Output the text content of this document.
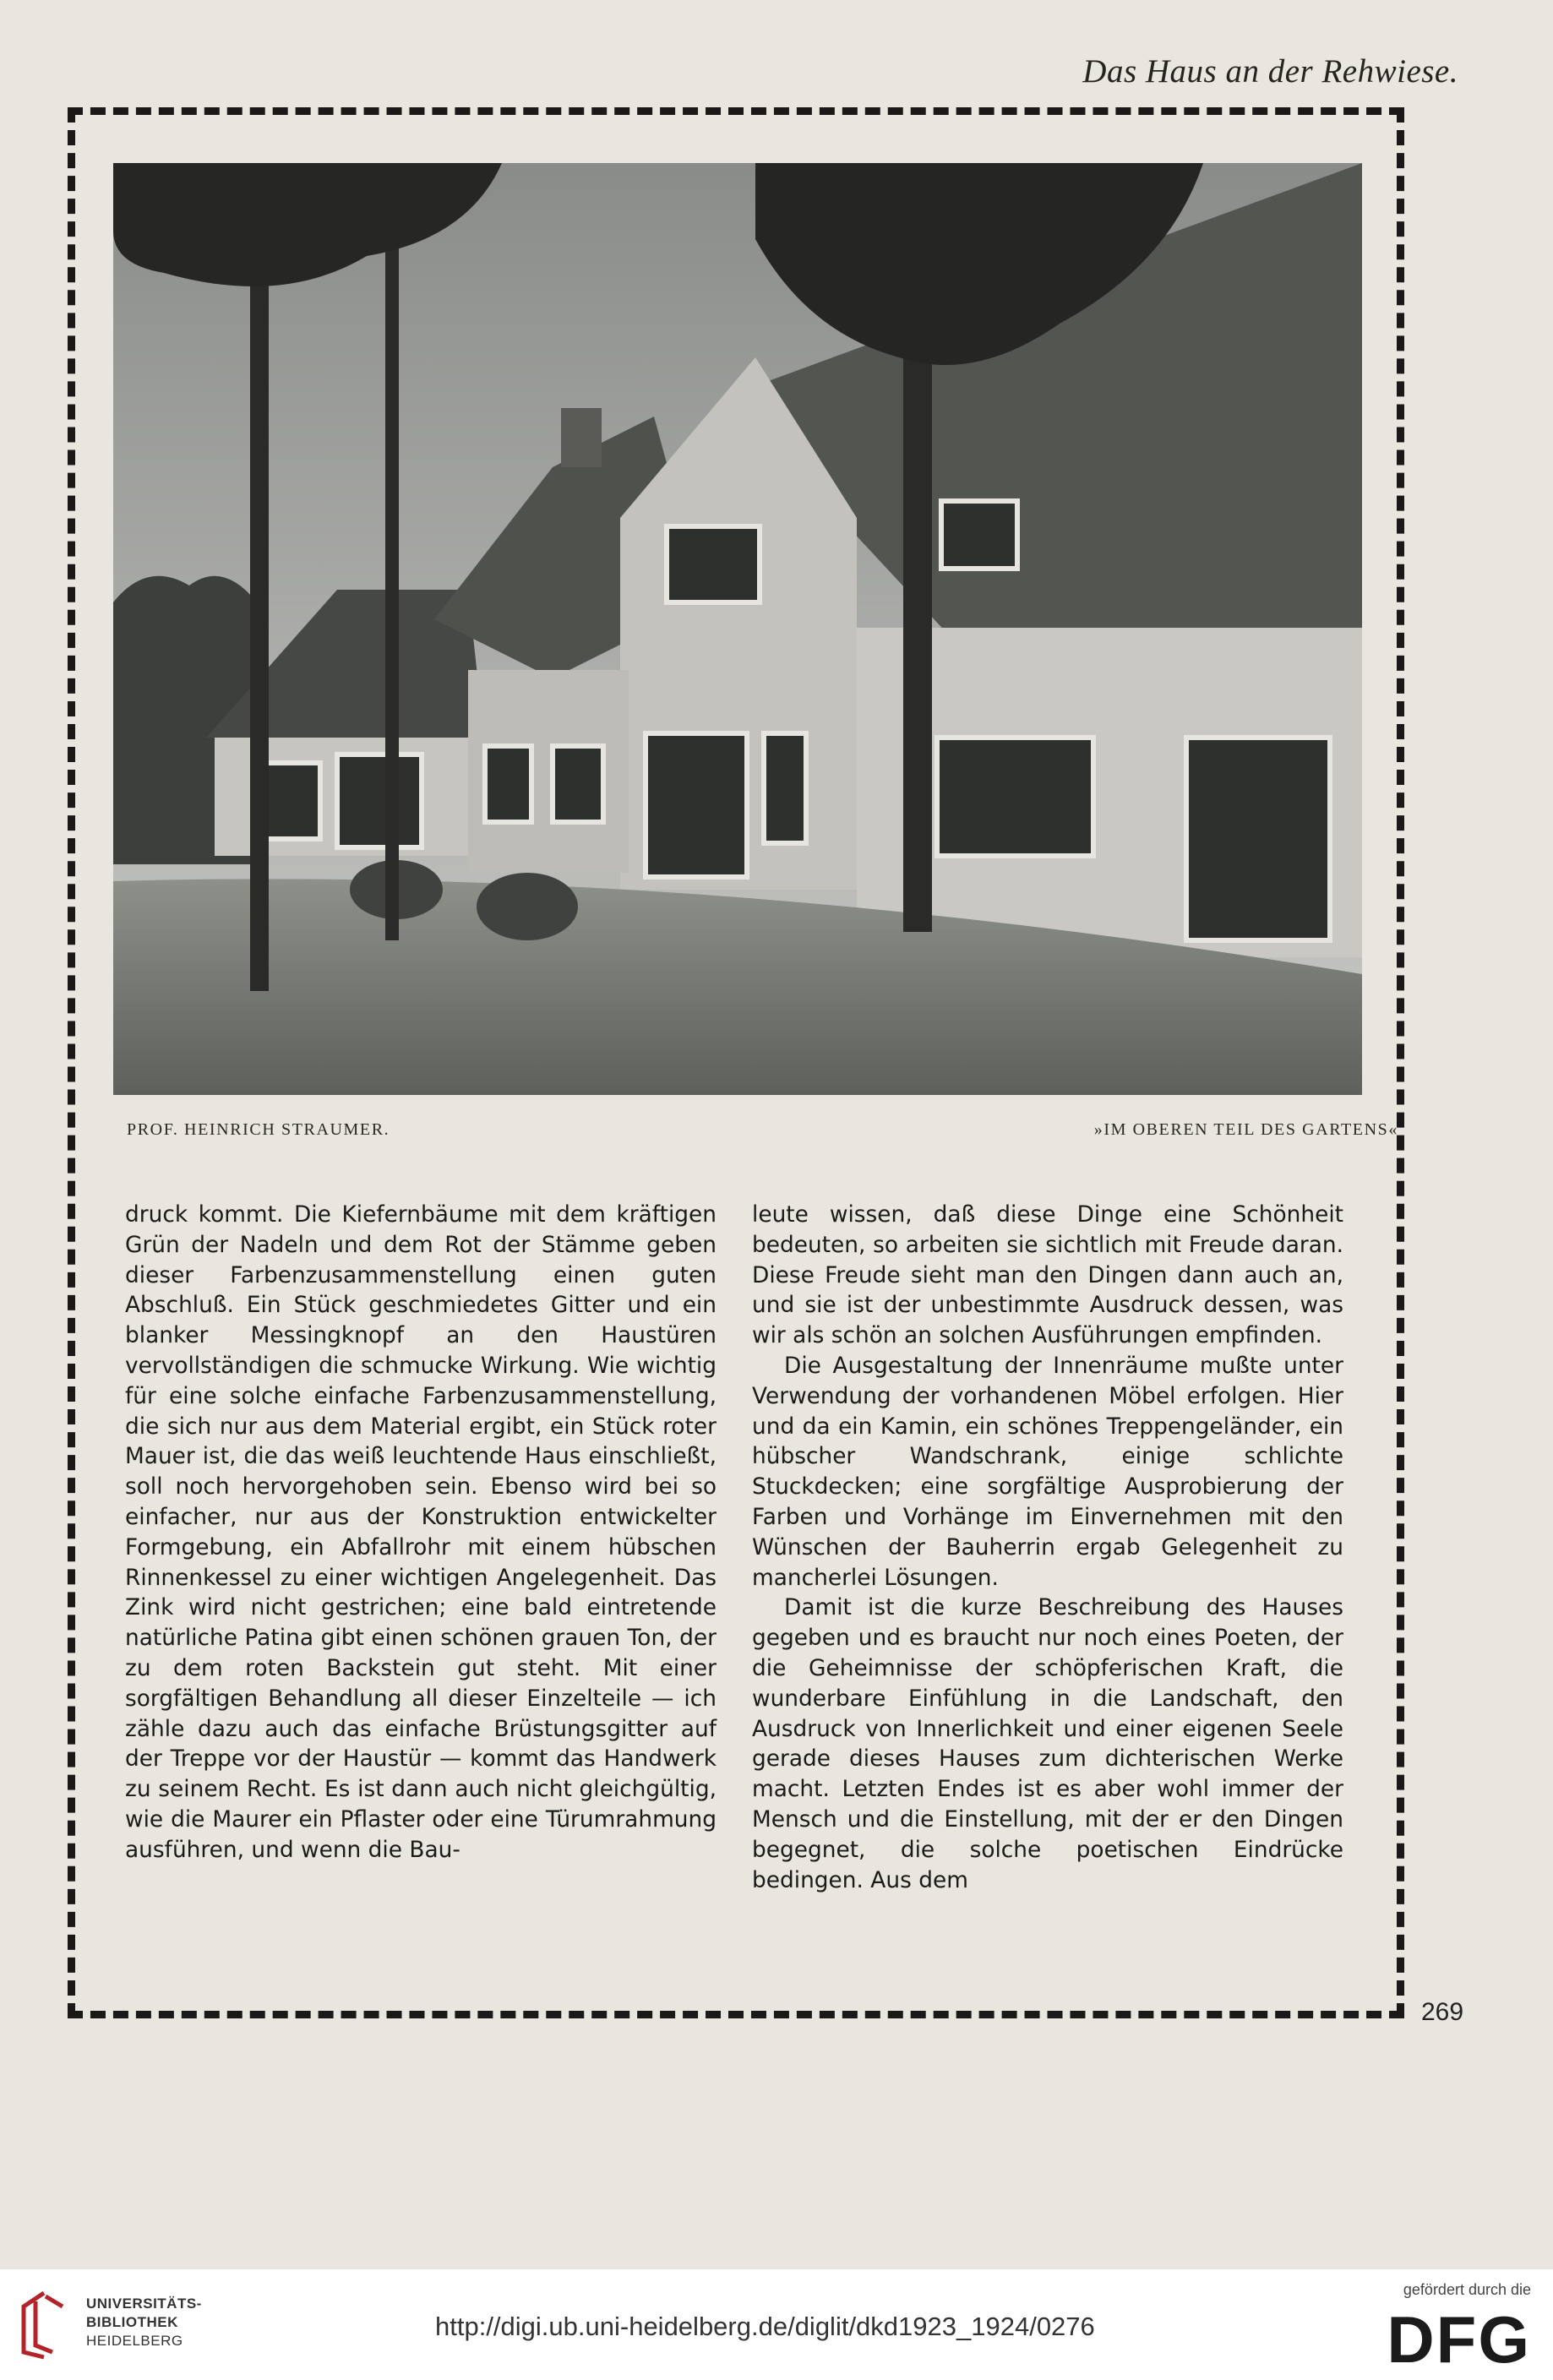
Das Haus an der Rehwiese.
PROF. HEINRICH STRAUMER.	»IM OBEREN TEIL DES GARTENS«

druck kommt. Die Kiefernbäume mit dem kräftigen Grün der Nadeln und dem Rot der Stämme geben dieser Farbenzusammenstellung einen guten Abschluß. Ein Stück geschmiedetes Gitter und ein blanker Messingknopf an den Haustüren vervollständigen die schmucke Wirkung. Wie wichtig für eine solche einfache Farbenzusammenstellung, die sich nur aus dem Material ergibt, ein Stück roter Mauer ist, die das weiß leuchtende Haus einschließt, soll noch hervorgehoben sein. Ebenso wird bei so einfacher, nur aus der Konstruktion entwickelter Formgebung, ein Abfallrohr mit einem hübschen Rinnenkessel zu einer wichtigen Angelegenheit. Das Zink wird nicht gestrichen; eine bald eintretende natürliche Patina gibt einen schönen grauen Ton, der zu dem roten Backstein gut steht. Mit einer sorgfältigen Behandlung all dieser Einzelteile — ich zähle dazu auch das einfache Brüstungsgitter auf der Treppe vor der Haustür — kommt das Handwerk zu seinem Recht. Es ist dann auch nicht gleichgültig, wie die Maurer ein Pflaster oder eine Türumrahmung ausführen, und wenn die Bau-

leute wissen, daß diese Dinge eine Schönheit bedeuten, so arbeiten sie sichtlich mit Freude daran. Diese Freude sieht man den Dingen dann auch an, und sie ist der unbestimmte Ausdruck dessen, was wir als schön an solchen Ausführungen empfinden.

Die Ausgestaltung der Innenräume mußte unter Verwendung der vorhandenen Möbel erfolgen. Hier und da ein Kamin, ein schönes Treppengeländer, ein hübscher Wandschrank, einige schlichte Stuckdecken; eine sorgfältige Ausprobierung der Farben und Vorhänge im Einvernehmen mit den Wünschen der Bauherrin ergab Gelegenheit zu mancherlei Lösungen.

Damit ist die kurze Beschreibung des Hauses gegeben und es braucht nur noch eines Poeten, der die Geheimnisse der schöpferischen Kraft, die wunderbare Einfühlung in die Landschaft, den Ausdruck von Innerlichkeit und einer eigenen Seele gerade dieses Hauses zum dichterischen Werke macht. Letzten Endes ist es aber wohl immer der Mensch und die Einstellung, mit der er den Dingen begegnet, die solche poetischen Eindrücke bedingen. Aus dem

269
UNIVERSITÄTS-
BIBLIOTHEK
HEIDELBERG	http://digi.ub.uni-heidelberg.de/diglit/dkd1923_1924/0276
gefördert durch die
DFG
